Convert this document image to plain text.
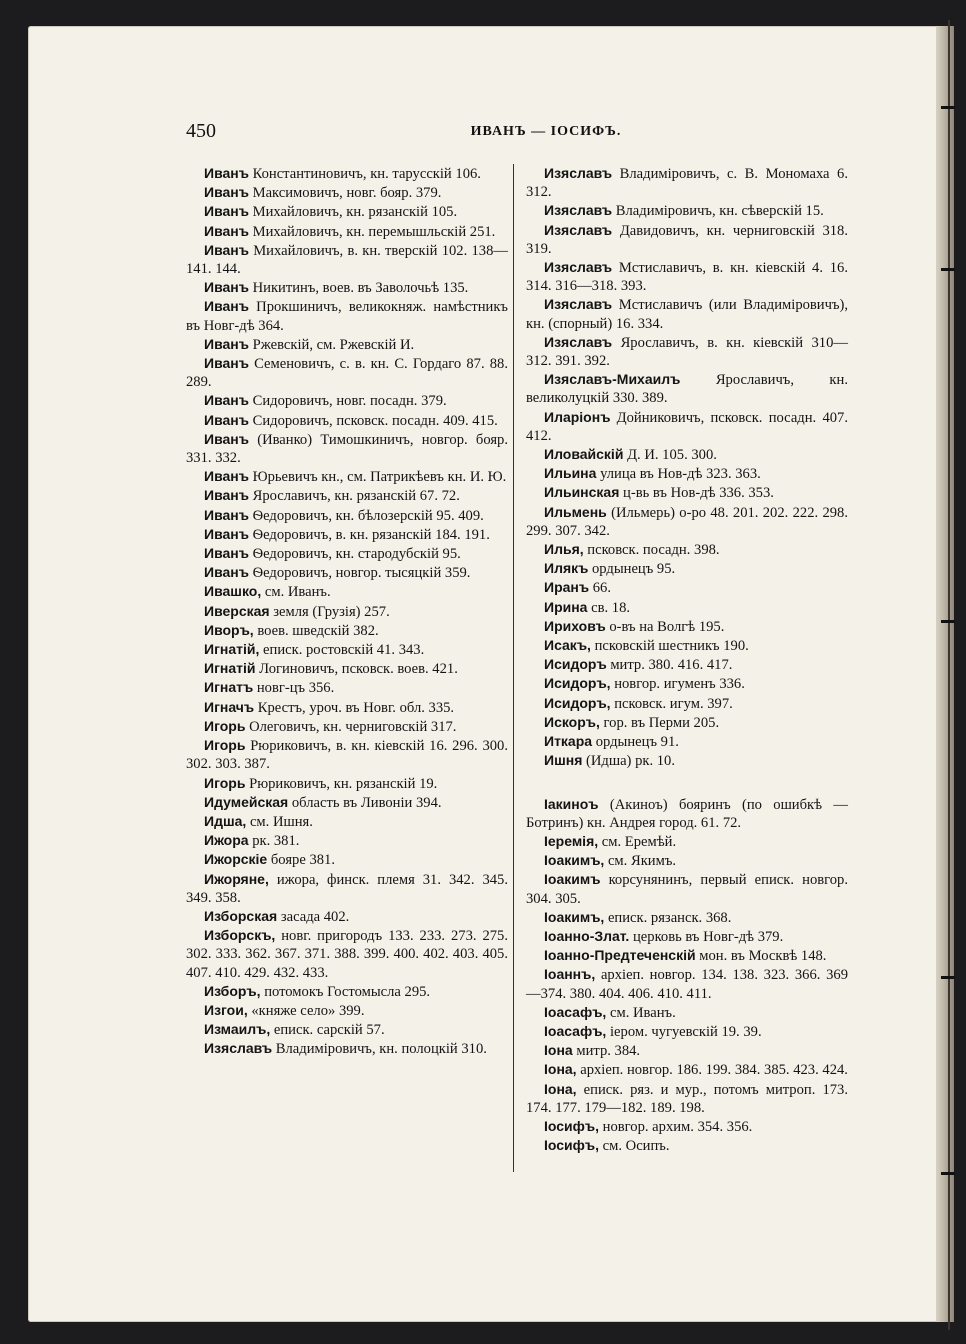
450	ИВАНЪ — ІОСИФЪ.

Иванъ Константиновичъ, кн. тарусскій 106.

Иванъ Максимовичъ, новг. бояр. 379.

Иванъ Михайловичъ, кн. рязанскій 105.

Иванъ Михайловичъ, кн. перемышльскій 251.

Иванъ Михайловичъ, в. кн. тверскій 102. 138—141. 144.

Иванъ Никитинъ, воев. въ Заволочьѣ 135.

Иванъ Прокшиничъ, великокняж. намѣстникъ въ Новг-дѣ 364.

Иванъ Ржевскій, см. Ржевскій И.

Иванъ Семеновичъ, с. в. кн. С. Гордаго 87. 88. 289.

Иванъ Сидоровичъ, новг. посадн. 379.

Иванъ Сидоровичъ, псковск. посадн. 409. 415.

Иванъ (Иванко) Тимошкиничъ, новгор. бояр. 331. 332.

Иванъ Юрьевичъ кн., см. Патрикѣевъ кн. И. Ю.

Иванъ Ярославичъ, кн. рязанскій 67. 72.

Иванъ Ѳедоровичъ, кн. бѣлозерскій 95. 409.

Иванъ Ѳедоровичъ, в. кн. рязанскій 184. 191.

Иванъ Ѳедоровичъ, кн. стародубскій 95.

Иванъ Ѳедоровичъ, новгор. тысяцкій 359.

Ивашко, см. Иванъ.

Иверская земля (Грузія) 257.

Иворъ, воев. шведскій 382.

Игнатій, еписк. ростовскій 41. 343.

Игнатій Логиновичъ, псковск. воев. 421.

Игнатъ новг-цъ 356.

Игначъ Крестъ, уроч. въ Новг. обл. 335.

Игорь Олеговичъ, кн. черниговскій 317.

Игорь Рюриковичъ, в. кн. кіевскій 16. 296. 300. 302. 303. 387.

Игорь Рюриковичъ, кн. рязанскій 19.

Идумейская область въ Ливоніи 394.

Идша, см. Ишня.

Ижора рк. 381.

Ижорскіе бояре 381.

Ижоряне, ижора, финск. племя 31. 342. 345. 349. 358.

Изборская засада 402.

Изборскъ, новг. пригородъ 133. 233. 273. 275. 302. 333. 362. 367. 371. 388. 399. 400. 402. 403. 405. 407. 410. 429. 432. 433.

Изборъ, потомокъ Гостомысла 295.

Изгои, «княже село» 399.

Измаилъ, еписк. сарскій 57.

Изяславъ Владиміровичъ, кн. полоцкій 310.

Изяславъ Владиміровичъ, с. В. Мономаха 6. 312.

Изяславъ Владиміровичъ, кн. сѣверскій 15.

Изяславъ Давидовичъ, кн. черниговскій 318. 319.

Изяславъ Мстиславичъ, в. кн. кіевскій 4. 16. 314. 316—318. 393.

Изяславъ Мстиславичъ (или Владиміровичъ), кн. (спорный) 16. 334.

Изяславъ Ярославичъ, в. кн. кіевскій 310—312. 391. 392.

Изяславъ-Михаилъ Ярославичъ, кн. великолуцкій 330. 389.

Иларіонъ Дойниковичъ, псковск. посадн. 407. 412.

Иловайскій Д. И. 105. 300.

Ильина улица въ Нов-дѣ 323. 363.

Ильинская ц-вь въ Нов-дѣ 336. 353.

Ильмень (Ильмерь) о-ро 48. 201. 202. 222. 298. 299. 307. 342.

Илья, псковск. посадн. 398.

Илякъ ордынецъ 95.

Иранъ 66.

Ирина св. 18.

Ириховъ о-въ на Волгѣ 195.

Исакъ, псковскій шестникъ 190.

Исидоръ митр. 380. 416. 417.

Исидоръ, новгор. игуменъ 336.

Исидоръ, псковск. игум. 397.

Искоръ, гор. въ Перми 205.

Иткара ордынецъ 91.

Ишня (Идша) рк. 10.

Іакиноъ (Акиноъ) бояринъ (по ошибкѣ — Ботринъ) кн. Андрея город. 61. 72.

Іеремія, см. Еремѣй.

Іоакимъ, см. Якимъ.

Іоакимъ корсунянинъ, первый еписк. новгор. 304. 305.

Іоакимъ, еписк. рязанск. 368.

Іоанно-Злат. церковь въ Новг-дѣ 379.

Іоанно-Предтеченскій мон. въ Москвѣ 148.

Іоаннъ, архіеп. новгор. 134. 138. 323. 366. 369—374. 380. 404. 406. 410. 411.

Іоасафъ, см. Иванъ.

Іоасафъ, іером. чугуевскій 19. 39.

Іона митр. 384.

Іона, архіеп. новгор. 186. 199. 384. 385. 423. 424.

Іона, еписк. ряз. и мур., потомъ митроп. 173. 174. 177. 179—182. 189. 198.

Іосифъ, новгор. архим. 354. 356.

Іосифъ, см. Осипъ.
